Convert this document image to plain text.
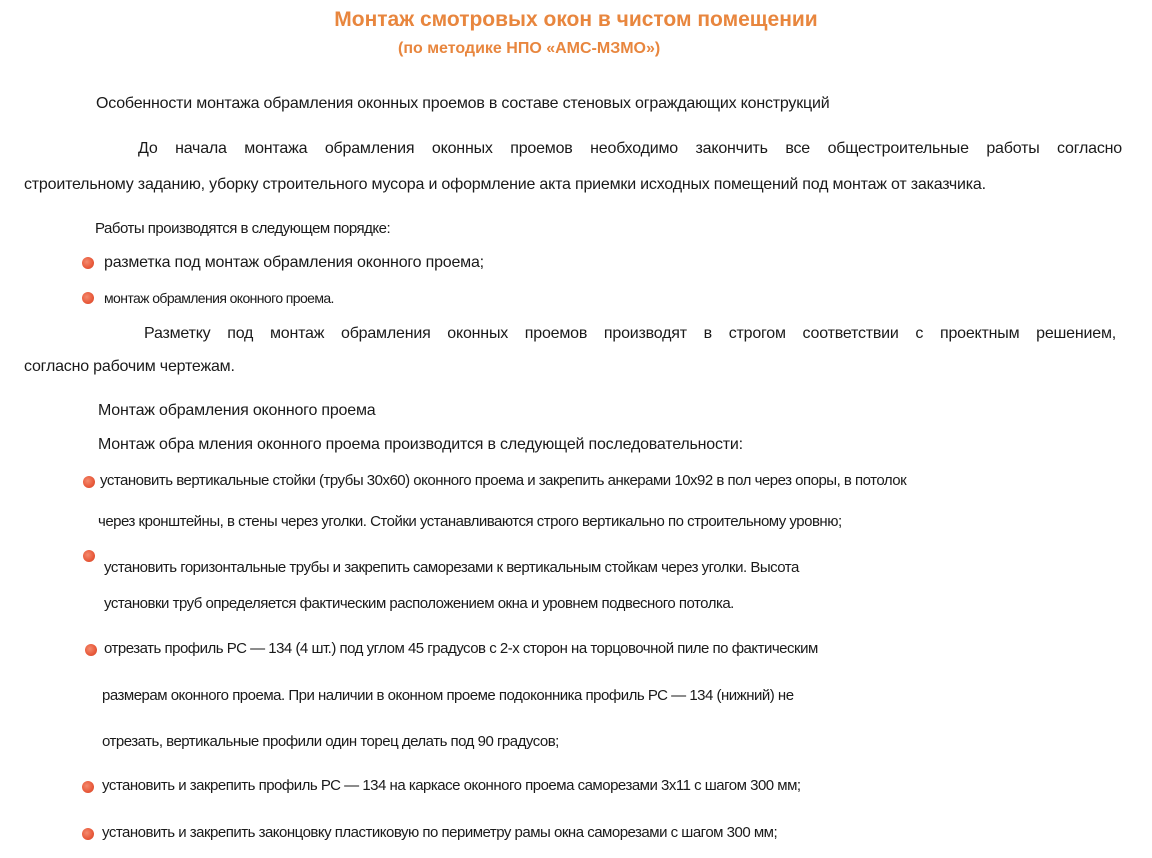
Монтаж смотровых окон в чистом помещении
(по методике НПО «АМС-МЗМО»)
Особенности монтажа обрамления оконных проемов в составе стеновых ограждающих конструкций
До начала монтажа обрамления оконных проемов необходимо закончить все общестроительные работы согласно
строительному заданию, уборку строительного мусора и оформление акта приемки исходных помещений под монтаж от заказчика.
Работы производятся в следующем порядке:
разметка под монтаж обрамления оконного проема;
монтаж обрамления оконного проема.
Разметку под монтаж обрамления оконных проемов производят в строгом соответствии с проектным решением,
согласно рабочим чертежам.
Монтаж обрамления оконного проема
Монтаж обра мления оконного проема производится в следующей последовательности:
установить вертикальные стойки (трубы 30х60) оконного проема и закрепить анкерами 10х92 в пол через опоры, в потолок
через кронштейны, в стены через уголки. Стойки устанавливаются строго вертикально по строительному уровню;
установить горизонтальные трубы и закрепить саморезами к вертикальным стойкам через уголки. Высота
установки труб определяется фактическим расположением окна и уровнем подвесного потолка.
отрезать профиль РС — 134 (4 шт.) под углом 45 градусов с 2-х сторон на торцовочной пиле по фактическим
размерам оконного проема. При наличии в оконном проеме подоконника профиль РС — 134 (нижний) не
отрезать, вертикальные профили один торец делать под 90 градусов;
установить и закрепить профиль РС — 134 на каркасе оконного проема саморезами 3х11 с шагом 300 мм;
установить и закрепить законцовку пластиковую по периметру рамы окна саморезами с шагом 300 мм;
